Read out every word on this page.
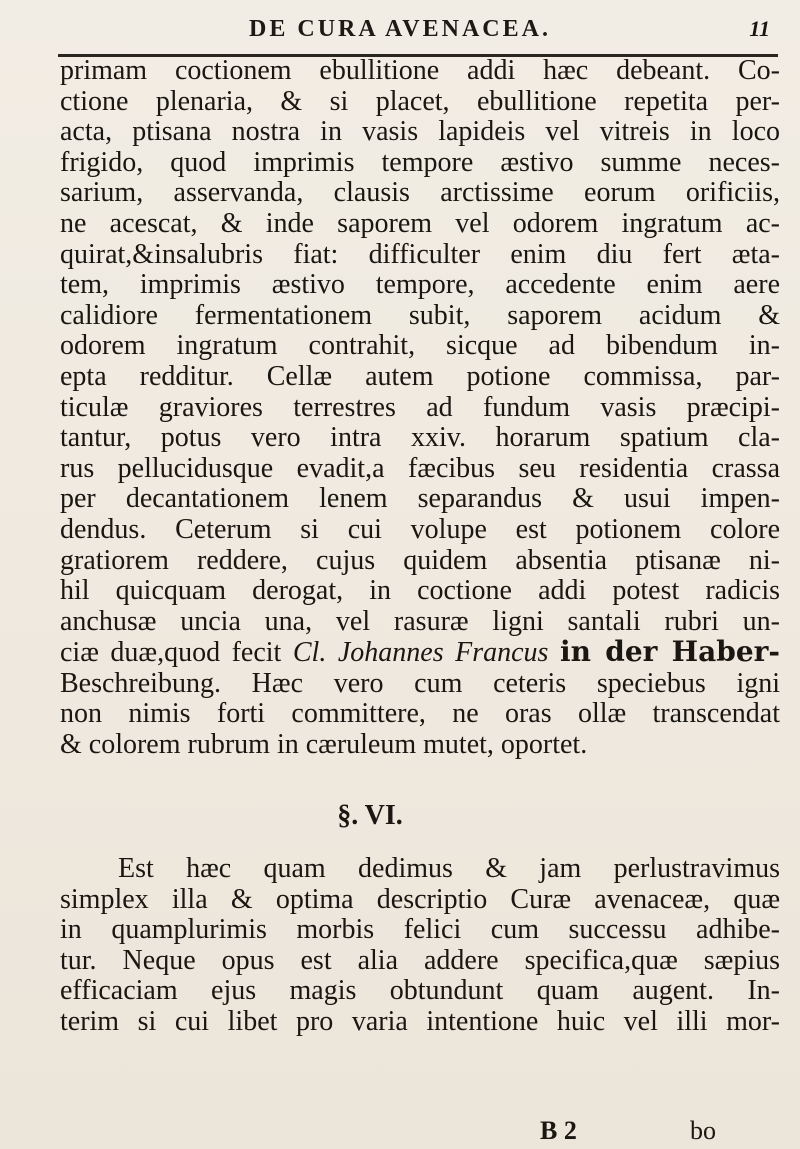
DE CURA AVENACEA.	11
primam coctionem ebullitione addi hæc debeant. Co-
ctione plenaria, & si placet, ebullitione repetita per-
acta, ptisana nostra in vasis lapideis vel vitreis in loco
frigido, quod imprimis tempore æstivo summe neces-
sarium, asservanda, clausis arctissime eorum orificiis,
ne acescat, & inde saporem vel odorem ingratum ac-
quirat,&insalubris fiat: difficulter enim diu fert æta-
tem, imprimis æstivo tempore, accedente enim aere
calidiore fermentationem subit, saporem acidum &
odorem ingratum contrahit, sicque ad bibendum in-
epta redditur. Cellæ autem potione commissa, par-
ticulæ graviores terrestres ad fundum vasis præcipi-
tantur, potus vero intra xxiv. horarum spatium cla-
rus pellucidusque evadit,a fæcibus seu residentia crassa
per decantationem lenem separandus & usui impen-
dendus. Ceterum si cui volupe est potionem colore
gratiorem reddere, cujus quidem absentia ptisanæ ni-
hil quicquam derogat, in coctione addi potest radicis
anchusæ uncia una, vel rasuræ ligni santali rubri un-
ciæ duæ,quod fecit Cl. Johannes Francus in der Haber-
Beschreibung. Hæc vero cum ceteris speciebus igni
non nimis forti committere, ne oras ollæ transcendat
& colorem rubrum in cæruleum mutet, oportet.
§. VI.
Est hæc quam dedimus & jam perlustravimus
simplex illa & optima descriptio Curæ avenaceæ, quæ
in quamplurimis morbis felici cum successu adhibe-
tur. Neque opus est alia addere specifica,quæ sæpius
efficaciam ejus magis obtundunt quam augent. In-
terim si cui libet pro varia intentione huic vel illi mor-
B 2	bo
